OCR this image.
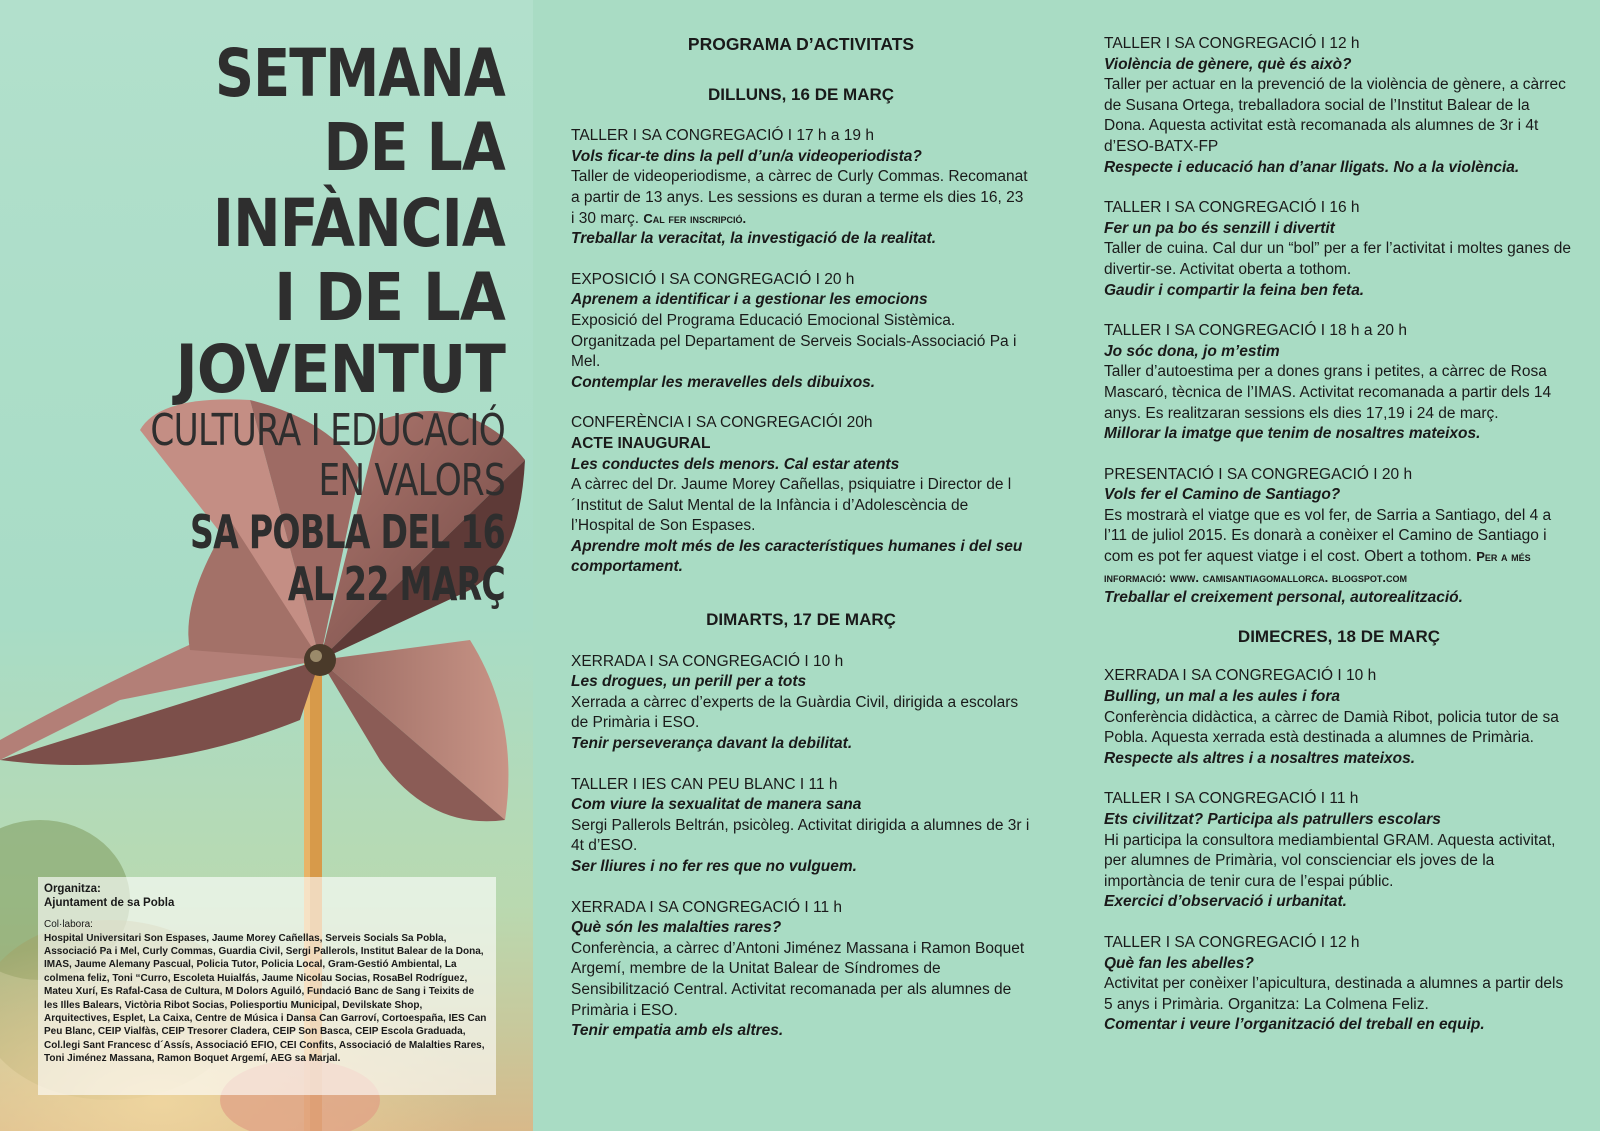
SETMANA
DE LA INFÀNCIA
I DE LA JOVENTUT
CULTURA I EDUCACIÓ EN VALORS
SA POBLA DEL 16 AL 22 MARÇ
Organitza:
Ajuntament de sa Pobla
Col·labora:
Hospital Universitari Son Espases, Jaume Morey Cañellas, Serveis Socials Sa Pobla, Associació Pa i Mel, Curly Commas, Guardia Civil, Sergi Pallerols, Institut Balear de la Dona, IMAS, Jaume Alemany Pascual, Policia Tutor, Policia Local, Gram-Gestió Ambiental, La colmena feliz, Toni “Curro, Escoleta Huialfás, Jaume Nicolau Socias, RosaBel Rodríguez, Mateu Xurí, Es Rafal-Casa de Cultura, M Dolors Aguiló, Fundació Banc de Sang i Teixits de les Illes Balears, Victòria Ribot Socias, Poliesportiu Municipal, Devilskate Shop, Arquitectives, Esplet, La Caixa, Centre de Música i Dansa Can Garroví, Cortoespaña, IES Can Peu Blanc, CEIP Vialfàs, CEIP Tresorer Cladera, CEIP Son Basca, CEIP Escola Graduada, Col.legi Sant Francesc d´Assís, Associació EFIO, CEI Confits, Associació de Malalties Rares, Toni Jiménez Massana, Ramon Boquet Argemí, AEG sa Marjal.
PROGRAMA D’ACTIVITATS
DILLUNS, 16 DE MARÇ
TALLER I SA CONGREGACIÓ I 17 h a 19 h
Vols ficar-te dins la pell d’un/a videoperiodista?
Taller de videoperiodisme, a càrrec de Curly Commas. Recomanat a partir de 13 anys. Les sessions es duran a terme els dies 16, 23 i 30 març. Cal fer inscripció.
Treballar la veracitat, la investigació de la realitat.
EXPOSICIÓ I SA CONGREGACIÓ I 20 h
Aprenem a identificar i a gestionar les emocions
Exposició del Programa Educació Emocional Sistèmica. Organitzada pel Departament de Serveis Socials-Associació Pa i Mel.
Contemplar les meravelles dels dibuixos.
CONFERÈNCIA I SA CONGREGACIÓI 20h
ACTE INAUGURAL
Les conductes dels menors. Cal estar atents
A càrrec del Dr. Jaume Morey Cañellas, psiquiatre i Director de l´Institut de Salut Mental de la Infància i d’Adolescència de l’Hospital de Son Espases.
Aprendre molt més de les característiques humanes i del seu comportament.
DIMARTS, 17 DE MARÇ
XERRADA I SA CONGREGACIÓ I 10 h
Les drogues, un perill per a tots
Xerrada a càrrec d’experts de la Guàrdia Civil, dirigida a escolars de Primària i ESO.
Tenir perseverança davant la debilitat.
TALLER I IES CAN PEU BLANC I 11 h
Com viure la sexualitat de manera sana
Sergi Pallerols Beltrán, psicòleg. Activitat dirigida a alumnes de 3r i 4t d’ESO.
Ser lliures i no fer res que no vulguem.
XERRADA I SA CONGREGACIÓ I 11 h
Què són les malalties rares?
Conferència, a càrrec d’Antoni Jiménez Massana i Ramon Boquet Argemí, membre de la Unitat Balear de Síndromes de Sensibilització Central. Activitat recomanada per als alumnes de Primària i ESO.
Tenir empatia amb els altres.
TALLER I SA CONGREGACIÓ I 12 h
Violència de gènere, què és això?
Taller per actuar en la prevenció de la violència de gènere, a càrrec de Susana Ortega, treballadora social de l’Institut Balear de la Dona. Aquesta activitat està recomanada als alumnes de 3r i 4t d’ESO-BATX-FP
Respecte i educació han d’anar lligats. No a la violència.
TALLER I SA CONGREGACIÓ I 16 h
Fer un pa bo és senzill i divertit
Taller de cuina. Cal dur un “bol” per a fer l’activitat i moltes ganes de divertir-se. Activitat oberta a tothom.
Gaudir i compartir la feina ben feta.
TALLER I SA CONGREGACIÓ I 18 h a 20 h
Jo sóc dona, jo m’estim
Taller d’autoestima per a dones grans i petites, a càrrec de Rosa Mascaró, tècnica de l’IMAS. Activitat recomanada a partir dels 14 anys. Es realitzaran sessions els dies 17,19 i 24 de març.
Millorar la imatge que tenim de nosaltres mateixos.
PRESENTACIÓ I SA CONGREGACIÓ I 20 h
Vols fer el Camino de Santiago?
Es mostrarà el viatge que es vol fer, de Sarria a Santiago, del 4 a l’11 de juliol 2015. Es donarà a conèixer el Camino de Santiago i com es pot fer aquest viatge i el cost. Obert a tothom. Per a més informació: www. camisantiagomallorca. blogspot.com
Treballar el creixement personal, autorealització.
DIMECRES, 18 DE MARÇ
XERRADA I SA CONGREGACIÓ I 10 h
Bulling, un mal a les aules i fora
Conferència didàctica, a càrrec de Damià Ribot, policia tutor de sa Pobla. Aquesta xerrada està destinada a alumnes de Primària.
Respecte als altres i a nosaltres mateixos.
TALLER I SA CONGREGACIÓ I 11 h
Ets civilitzat? Participa als patrullers escolars
Hi participa la consultora mediambiental GRAM. Aquesta activitat, per alumnes de Primària, vol conscienciar els joves de la importància de tenir cura de l’espai públic.
Exercici d’observació i urbanitat.
TALLER I SA CONGREGACIÓ I 12 h
Què fan les abelles?
Activitat per conèixer l’apicultura, destinada a alumnes a partir dels 5 anys i Primària. Organitza: La Colmena Feliz.
Comentar i veure l’organització del treball en equip.
